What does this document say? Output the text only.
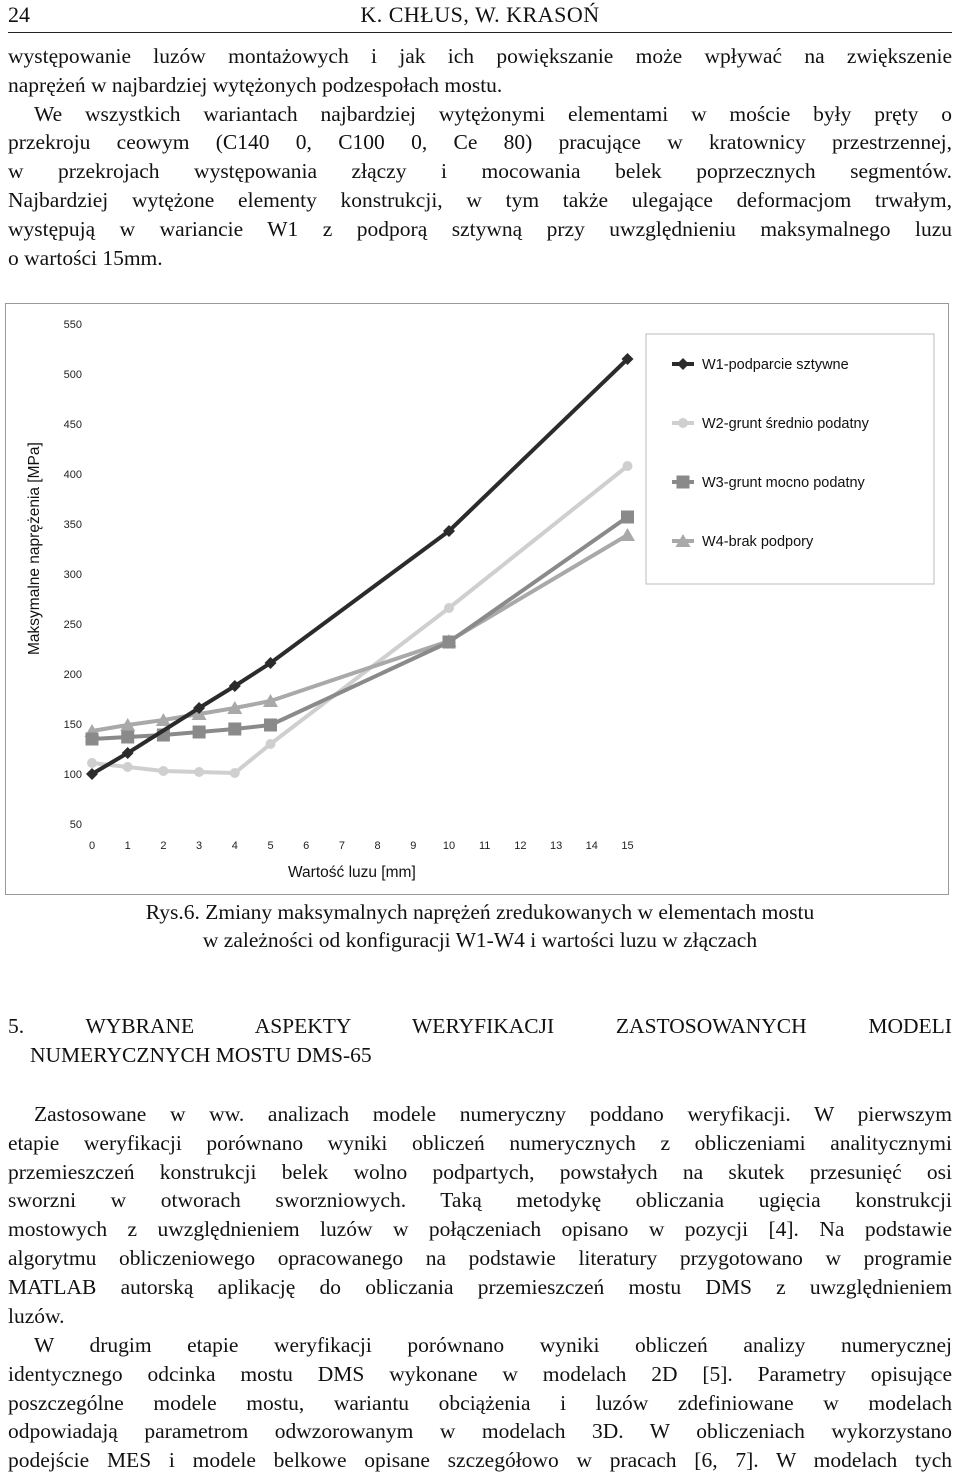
24	K. CHŁUS, W. KRASOŃ
występowanie luzów montażowych i jak ich powiększanie może wpływać na zwiększenie
naprężeń w najbardziej wytężonych podzespołach mostu.
We wszystkich wariantach najbardziej wytężonymi elementami w moście były pręty o
przekroju ceowym (C140 0, C100 0, Ce 80) pracujące w kratownicy przestrzennej,
w przekrojach występowania złączy i mocowania belek poprzecznych segmentów.
Najbardziej wytężone elementy konstrukcji, w tym także ulegające deformacjom trwałym,
występują w wariancie W1 z podporą sztywną przy uwzględnieniu maksymalnego luzu
o wartości 15mm.
50
100
150
200
250
300
350
400
450
500
550
0	1	2	3	4	5	6	7	8	9 10 11 12 13 14 15
Wartość luzu [mm]
Maksymalne naprężenia [MPa]
W1-podparcie sztywne
W2-grunt średnio podatny
W3-grunt mocno podatny
W4-brak podpory
Rys.6. Zmiany maksymalnych naprężeń zredukowanych w elementach mostu
w zależności od konfiguracji W1-W4 i wartości luzu w złączach
5.	WYBRANE	ASPEKTY	WERYFIKACJI	ZASTOSOWANYCH	MODELI
NUMERYCZNYCH MOSTU DMS-65
Zastosowane w ww. analizach modele numeryczny poddano weryfikacji. W pierwszym
etapie weryfikacji porównano wyniki obliczeń numerycznych z obliczeniami analitycznymi
przemieszczeń konstrukcji belek wolno podpartych, powstałych na skutek przesunięć osi
sworzni w otworach sworzniowych. Taką metodykę obliczania ugięcia konstrukcji
mostowych z uwzględnieniem luzów w połączeniach opisano w pozycji [4]. Na podstawie
algorytmu obliczeniowego opracowanego na podstawie literatury przygotowano w programie
MATLAB autorską aplikację do obliczania przemieszczeń mostu DMS z uwzględnieniem
luzów.
W drugim etapie weryfikacji porównano wyniki obliczeń analizy numerycznej
identycznego odcinka mostu DMS wykonane w modelach 2D [5]. Parametry opisujące
poszczególne modele mostu, wariantu obciążenia i luzów zdefiniowane w modelach
odpowiadają parametrom odwzorowanym w modelach 3D. W obliczeniach wykorzystano
podejście MES i modele belkowe opisane szczegółowo w pracach [6, 7]. W modelach tych
